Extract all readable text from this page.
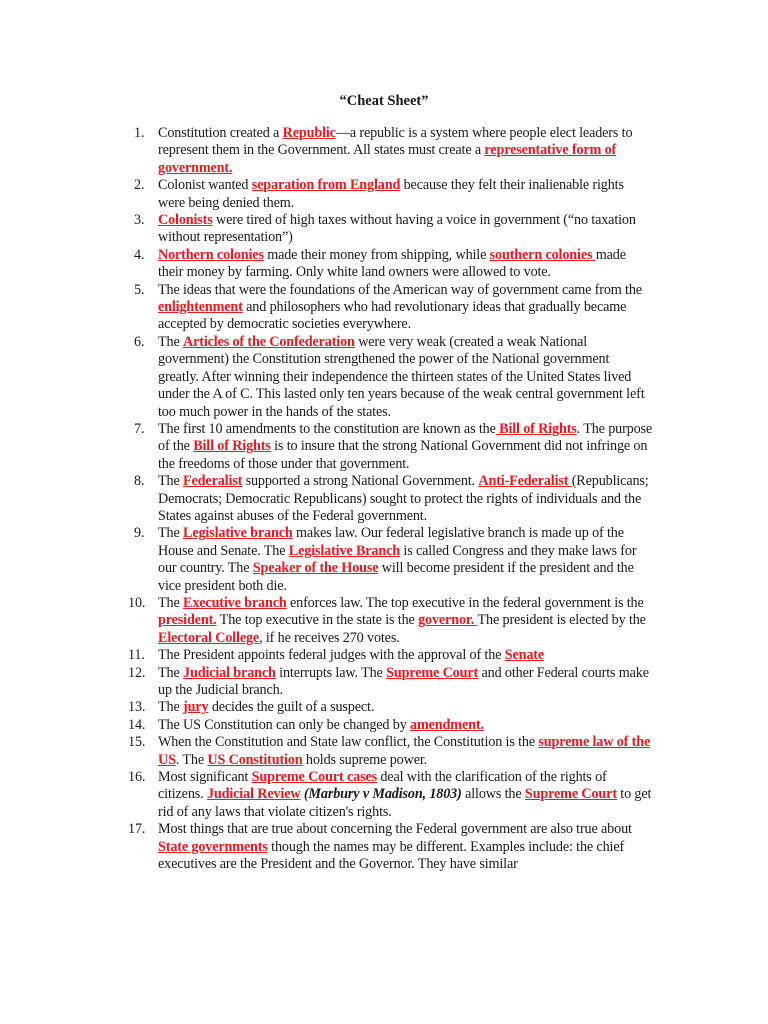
“Cheat Sheet”
1. Constitution created a Republic—a republic is a system where people elect leaders to represent them in the Government. All states must create a representative form of government.
2. Colonist wanted separation from England because they felt their inalienable rights were being denied them.
3. Colonists were tired of high taxes without having a voice in government (“no taxation without representation”)
4. Northern colonies made their money from shipping, while southern colonies made their money by farming. Only white land owners were allowed to vote.
5. The ideas that were the foundations of the American way of government came from the enlightenment and philosophers who had revolutionary ideas that gradually became accepted by democratic societies everywhere.
6. The Articles of the Confederation were very weak (created a weak National government) the Constitution strengthened the power of the National government greatly. After winning their independence the thirteen states of the United States lived under the A of C. This lasted only ten years because of the weak central government left too much power in the hands of the states.
7. The first 10 amendments to the constitution are known as the Bill of Rights. The purpose of the Bill of Rights is to insure that the strong National Government did not infringe on the freedoms of those under that government.
8. The Federalist supported a strong National Government. Anti-Federalist (Republicans; Democrats; Democratic Republicans) sought to protect the rights of individuals and the States against abuses of the Federal government.
9. The Legislative branch makes law. Our federal legislative branch is made up of the House and Senate. The Legislative Branch is called Congress and they make laws for our country. The Speaker of the House will become president if the president and the vice president both die.
10. The Executive branch enforces law. The top executive in the federal government is the president. The top executive in the state is the governor. The president is elected by the Electoral College, if he receives 270 votes.
11. The President appoints federal judges with the approval of the Senate
12. The Judicial branch interrupts law. The Supreme Court and other Federal courts make up the Judicial branch.
13. The jury decides the guilt of a suspect.
14. The US Constitution can only be changed by amendment.
15. When the Constitution and State law conflict, the Constitution is the supreme law of the US. The US Constitution holds supreme power.
16. Most significant Supreme Court cases deal with the clarification of the rights of citizens. Judicial Review (Marbury v Madison, 1803) allows the Supreme Court to get rid of any laws that violate citizen's rights.
17. Most things that are true about concerning the Federal government are also true about State governments though the names may be different. Examples include: the chief executives are the President and the Governor. They have similar
